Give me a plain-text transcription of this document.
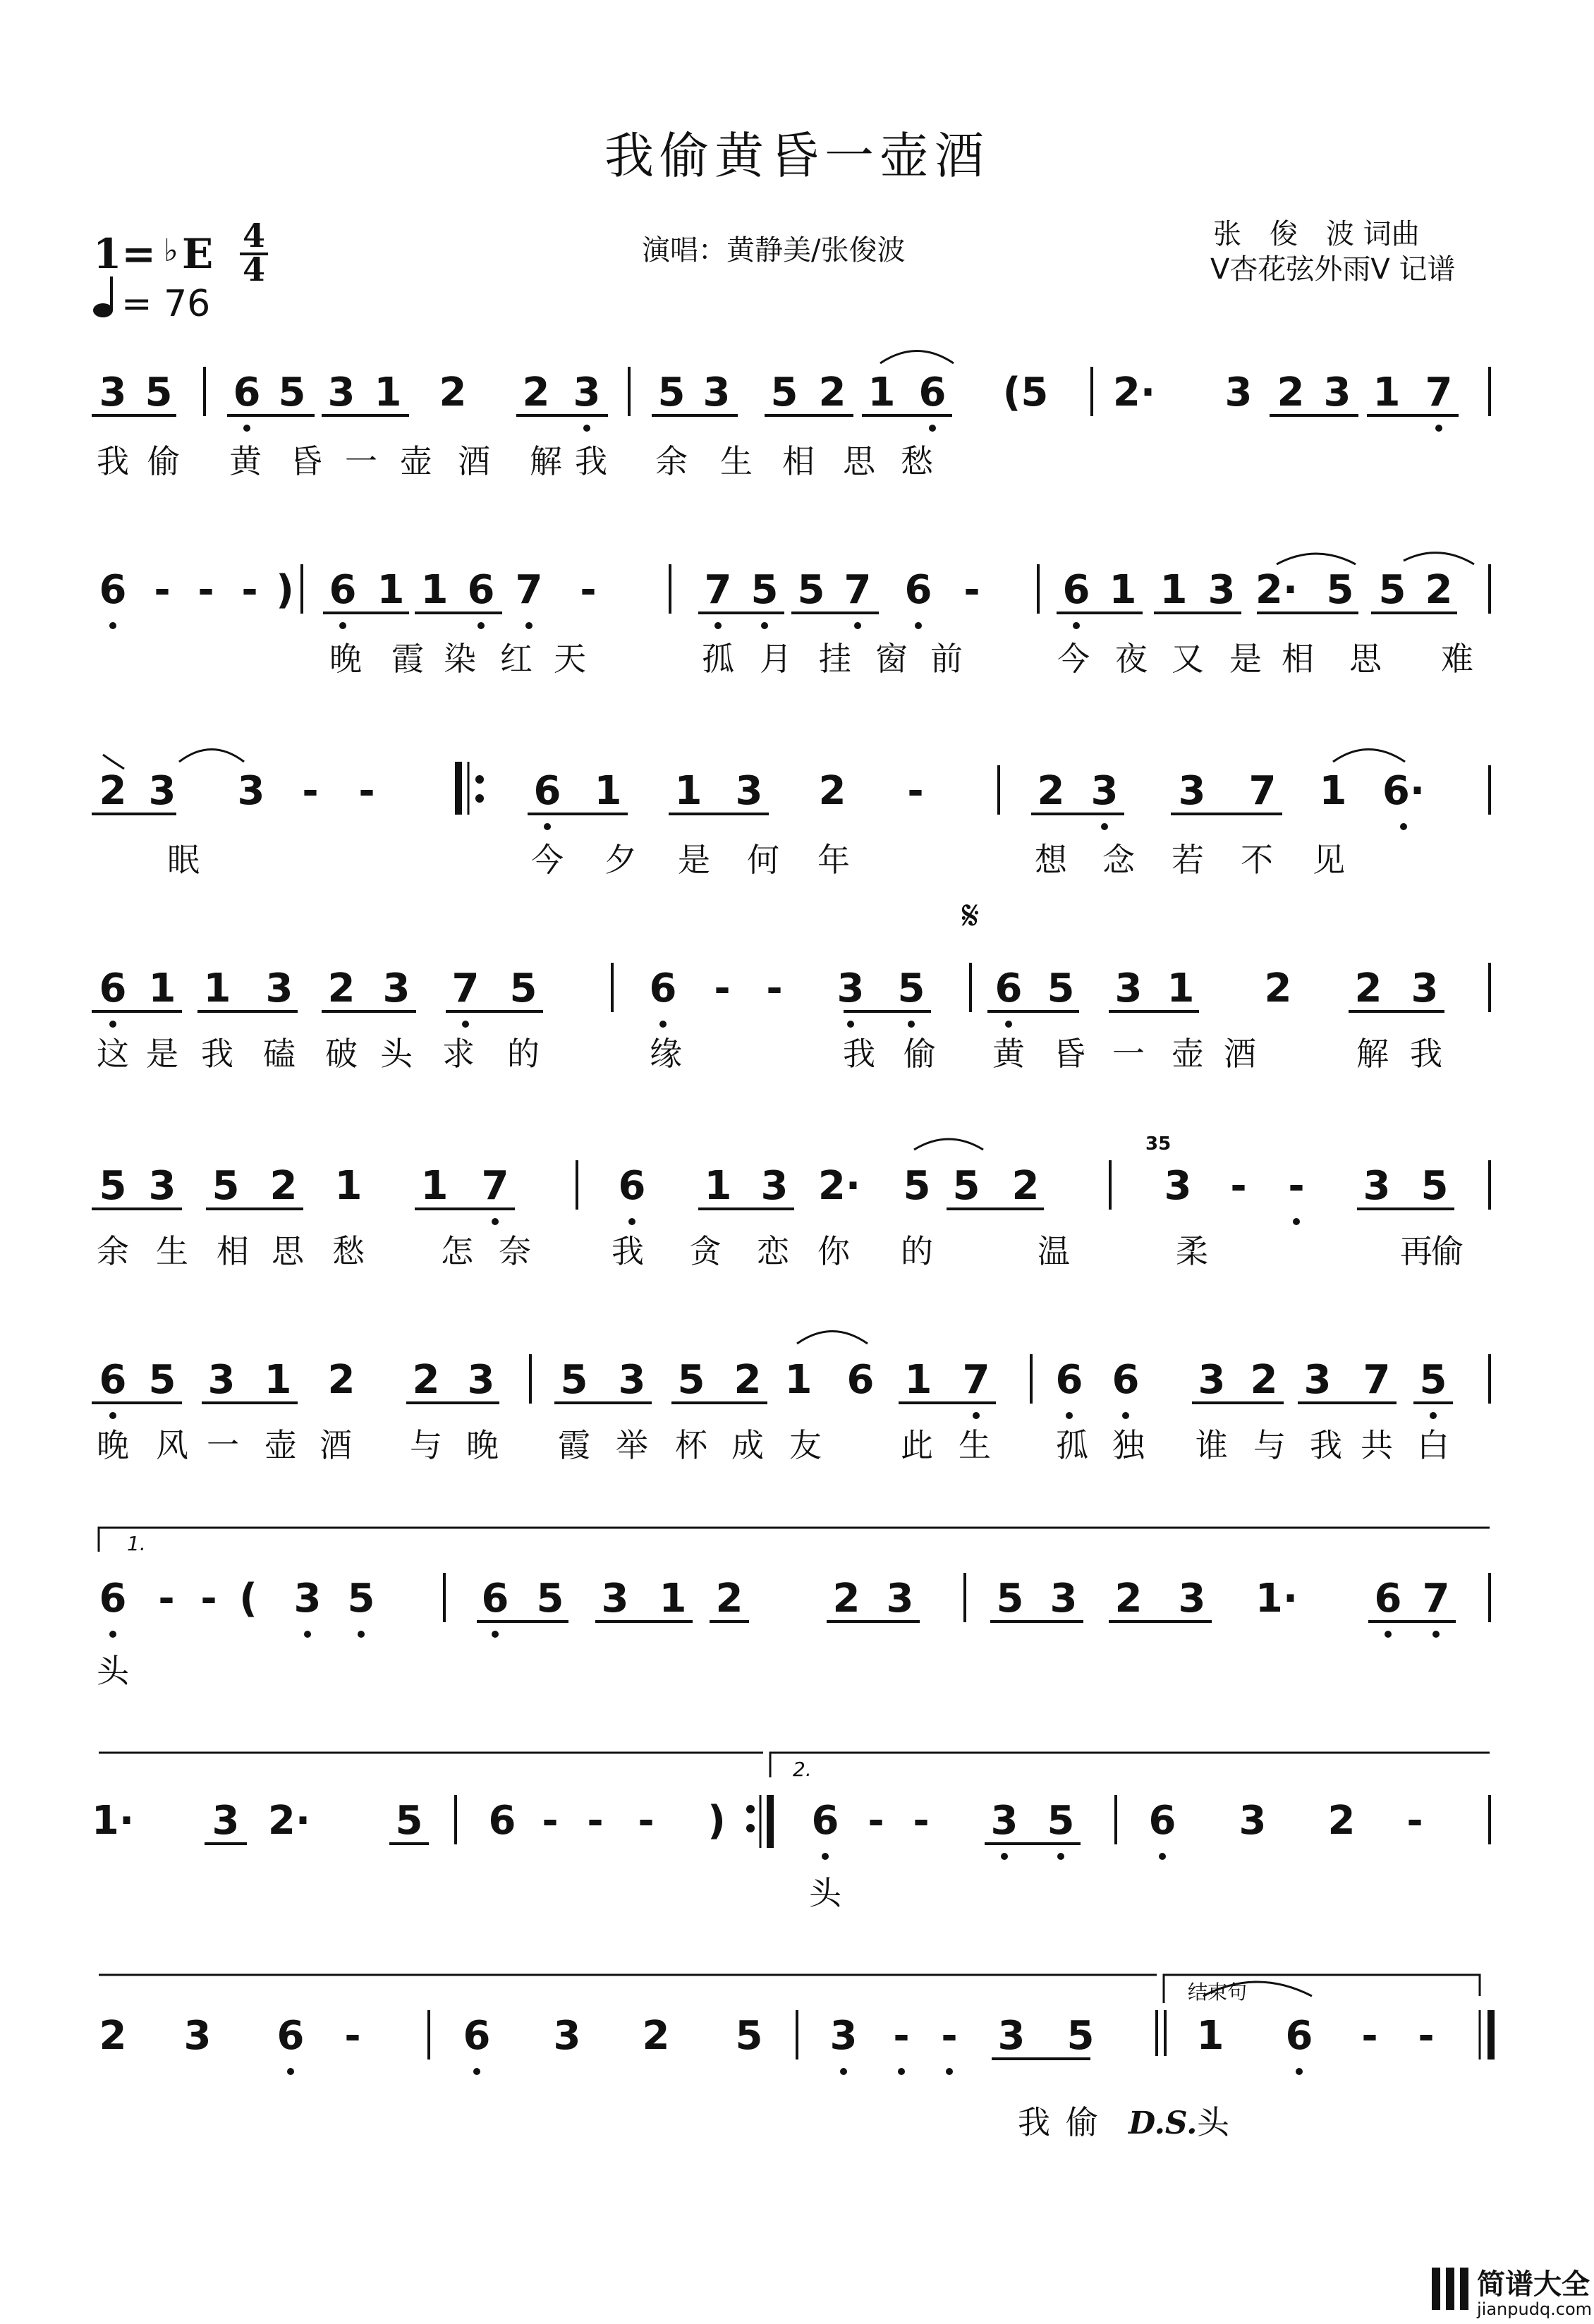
我偷黄昏一壶酒
1= ♭ E 4
4
= 76
演唱：黄静美/张俊波	张　俊　波 词曲
V杏花弦外雨V 记谱
1.
2.
结束句
𝄋
D.S.
35
3 5 6 5 3 1 2 2 3 5 3 5 2 1 6 (5 2· 3 2 3 1 7
6 - - - ) 6 1 1 6 7 -	7 5 5 7 6 - 6 1 1 3 2· 5 5 2
2 3 3 - -	6 1 1 3 2 -	2 3 3 7 1 6·
6 1 1 3 2 3 7 5	6 - - 3 5 6 5 3 1 2 2 3
5 3 5 2 1 1 7	6 1 3 2· 5 5 2	3 - - 3 5
6 5 3 1 2 2 3 5 3 5 2 1 6 1 7 6 6 3 2 3 7 5
6 - - ( 3 5	6 5 3 1 2 2 3 5 3 2 3 1· 6 7
1· 3 2· 5 6 - - - ) 6 - - 3 5 6 3 2 -
2 3 6 -	6 3 2 5 3 - - 3 5	1 6 - -
我 偷 黄 昏 一 壶 酒 解 我 余 生 相 思 愁
晚 霞 染 红 天	孤 月 挂 窗 前	今 夜 又 是 相 思 难
眠	今 夕 是 何 年	想 念 若 不 见
这 是 我 磕 破 头 求 的	缘	我 偷 黄 昏 一 壶 酒	解 我
余 生 相 思 愁 怎 奈 我 贪 恋 你 的	温	柔	再
偷
晚 风 一 壶 酒 与 晚 霞 举 杯 成 友 此 生 孤 独 谁 与 我 共 白
头
头
我 偷	头
简谱大全
jianpudq.com
